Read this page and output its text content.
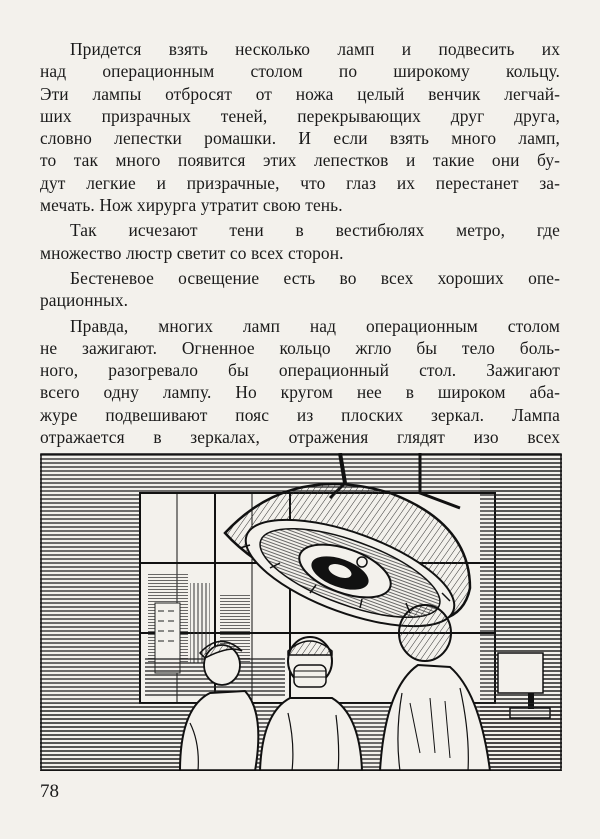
Придется взять несколько ламп и подвесить их
над операционным столом по широкому кольцу.
Эти лампы отбросят от ножа целый венчик легчай-
ших призрачных теней, перекрывающих друг друга,
словно лепестки ромашки. И если взять много ламп,
то так много появится этих лепестков и такие они бу-
дут легкие и призрачные, что глаз их перестанет за-
мечать. Нож хирурга утратит свою тень.
Так исчезают тени в вестибюлях метро, где
множество люстр светит со всех сторон.
Бестеневое освещение есть во всех хороших опе-
рационных.
Правда, многих ламп над операционным столом
не зажигают. Огненное кольцо жгло бы тело боль-
ного, разогревало бы операционный стол. Зажигают
всего одну лампу. Но кругом нее в широком аба-
журе подвешивают пояс из плоских зеркал. Лампа
отражается в зеркалах, отражения глядят изо всех
78
